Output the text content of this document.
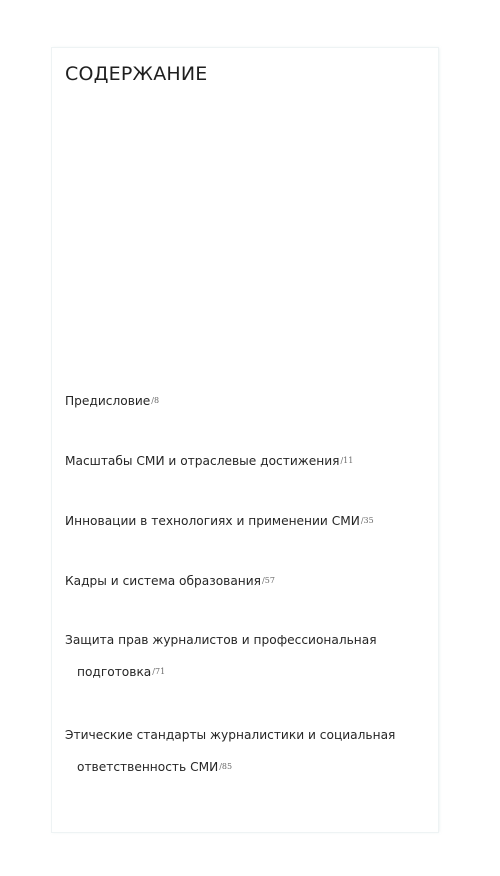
СОДЕРЖАНИЕ
Предисловие/8
Масштабы СМИ и отраслевые достижения/11
Инновации в технологиях и применении СМИ/35
Кадры и система образования/57
Защита прав журналистов и профессиональная
подготовка/71
Этические стандарты журналистики и социальная
ответственность СМИ/85
